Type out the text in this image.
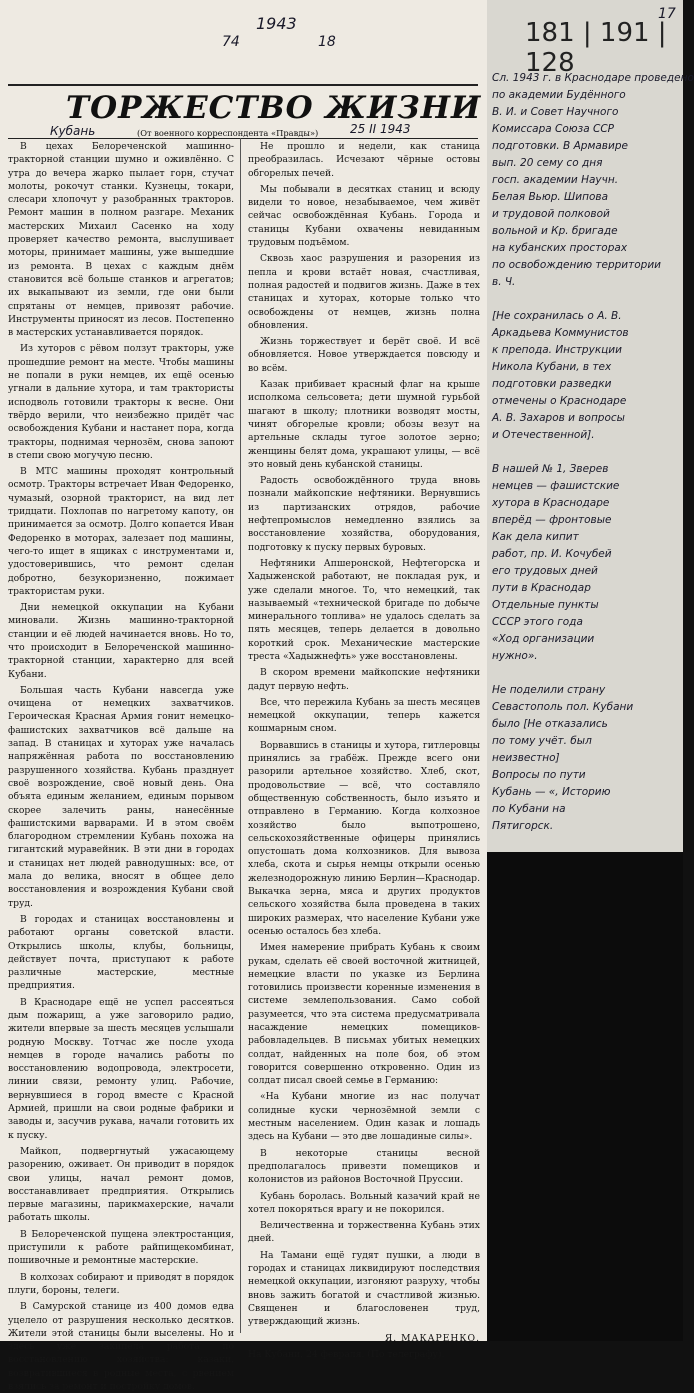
1943
74	18	181 | 191 | 128
17
ТОРЖЕСТВО ЖИЗНИ
Кубань	(От военного корреспондента «Правды»)	25 II 1943

В цехах Белореченской машинно-тракторной станции шумно и оживлённо. С утра до вечера жарко пылает горн, стучат молоты, рокочут станки. Кузнецы, токари, слесари хлопочут у разобранных тракторов. Ремонт машин в полном разгаре. Механик мастерских Михаил Сасенко на ходу проверяет качество ремонта, выслушивает моторы, принимает машины, уже вышедшие из ремонта. В цехах с каждым днём становится всё больше станков и агрегатов; их выкапывают из земли, где они были спрятаны от немцев, привозят рабочие. Инструменты приносят из лесов. Постепенно в мастерских устанавливается порядок.

Из хуторов с рёвом ползут тракторы, уже прошедшие ремонт на месте. Чтобы машины не попали в руки немцев, их ещё осенью угнали в дальние хутора, и там трактористы исподволь готовили тракторы к весне. Они твёрдо верили, что неизбежно придёт час освобождения Кубани и настанет пора, когда тракторы, поднимая чернозём, снова запоют в степи свою могучую песню.

В МТС машины проходят контрольный осмотр. Тракторы встречает Иван Федоренко, чумазый, озорной тракторист, на вид лет тридцати. Похлопав по нагретому капоту, он принимается за осмотр. Долго копается Иван Федоренко в моторах, залезает под машины, чего-то ищет в ящиках с инструментами и, удостоверившись, что ремонт сделан добротно, безукоризненно, пожимает трактористам руки.

Дни немецкой оккупации на Кубани миновали. Жизнь машинно-тракторной станции и её людей начинается вновь. Но то, что происходит в Белореченской машинно-тракторной станции, характерно для всей Кубани.

Большая часть Кубани навсегда уже очищена от немецких захватчиков. Героическая Красная Армия гонит немецко-фашистских захватчиков всё дальше на запад. В станицах и хуторах уже началась напряжённая работа по восстановлению разрушенного хозяйства. Кубань празднует своё возрождение, своё новый день. Она объята единым желанием, единым порывом скорее залечить раны, нанесённые фашистскими варварами. И в этом своём благородном стремлении Кубань похожа на гигантский муравейник. В эти дни в городах и станицах нет людей равнодушных: все, от мала до велика, вносят в общее дело восстановления и возрождения Кубани свой труд.

В городах и станицах восстановлены и работают органы советской власти. Открылись школы, клубы, больницы, действует почта, приступают к работе различные мастерские, местные предприятия.

В Краснодаре ещё не успел рассеяться дым пожарищ, а уже заговорило радио, жители впервые за шесть месяцев услышали родную Москву. Тотчас же после ухода немцев в городе начались работы по восстановлению водопровода, электросети, линии связи, ремонту улиц. Рабочие, вернувшиеся в город вместе с Красной Армией, пришли на свои родные фабрики и заводы и, засучив рукава, начали готовить их к пуску.

Майкоп, подвергнутый ужасающему разорению, оживает. Он приводит в порядок свои улицы, начал ремонт домов, восстанавливает предприятия. Открылись первые магазины, парикмахерские, начали работать школы.

В Белореченской пущена электростанция, приступили к работе райпищекомбинат, пошивочные и ремонтные мастерские.

В колхозах собирают и приводят в порядок плуги, бороны, телеги.

В Самурской станице из 400 домов едва уцелело от разрушения несколько десятков. Жители этой станицы были выселены. Но и здесь уже закипела работа по восстановлению хозяйства: казаки, возвратившиеся в родные места, с рвением взялись за ремонт и постройку домов.

Не прошло и недели, как станица преобразилась. Исчезают чёрные остовы обгорелых печей.

Мы побывали в десятках станиц и всюду видели то новое, незабываемое, чем живёт сейчас освобождённая Кубань. Города и станицы Кубани охвачены невиданным трудовым подъёмом.

Сквозь хаос разрушения и разорения из пепла и крови встаёт новая, счастливая, полная радостей и подвигов жизнь. Даже в тех станицах и хуторах, которые только что освобождены от немцев, жизнь полна обновления.

Жизнь торжествует и берёт своё. И всё обновляется. Новое утверждается повсюду и во всём.

Казак прибивает красный флаг на крыше исполкома сельсовета; дети шумной гурьбой шагают в школу; плотники возводят мосты, чинят обгорелые кровли; обозы везут на артельные склады тугое золотое зерно; женщины белят дома, украшают улицы, — всё это новый день кубанской станицы.

Радость освобождённого труда вновь познали майкопские нефтяники. Вернувшись из партизанских отрядов, рабочие нефтепромыслов немедленно взялись за восстановление хозяйства, оборудования, подготовку к пуску первых буровых.

Нефтяники Апшеронской, Нефтегорска и Хадыженской работают, не покладая рук, и уже сделали многое. То, что немецкий, так называемый «технической бригаде по добыче минерального топлива» не удалось сделать за пять месяцев, теперь делается в довольно короткий срок. Механические мастерские треста «Хадыжнефть» уже восстановлены.

В скором времени майкопские нефтяники дадут первую нефть.

Все, что пережила Кубань за шесть месяцев немецкой оккупации, теперь кажется кошмарным сном.

Ворвавшись в станицы и хутора, гитлеровцы принялись за грабёж. Прежде всего они разорили артельное хозяйство. Хлеб, скот, продовольствие — всё, что составляло общественную собственность, было изъято и отправлено в Германию. Когда колхозное хозяйство было выпотрошено, сельскохозяйственные офицеры принялись опустошать дома колхозников. Для вывоза хлеба, скота и сырья немцы открыли осенью железнодорожную линию Берлин—Краснодар. Выкачка зерна, мяса и других продуктов сельского хозяйства была проведена в таких широких размерах, что население Кубани уже осенью осталось без хлеба.

Имея намерение прибрать Кубань к своим рукам, сделать её своей восточной житницей, немецкие власти по указке из Берлина готовились произвести коренные изменения в системе землепользования. Само собой разумеется, что эта система предусматривала насаждение немецких помещиков-рабовладельцев. В письмах убитых немецких солдат, найденных на поле боя, об этом говорится совершенно откровенно. Один из солдат писал своей семье в Германию:

«На Кубани многие из нас получат солидные куски чернозёмной земли с местным населением. Один казак и лошадь здесь на Кубани — это две лошадиные силы».

В некоторые станицы весной предполагалось привезти помещиков и колонистов из районов Восточной Пруссии.

Кубань боролась. Вольный казачий край не хотел покоряться врагу и не покорился.

Величественна и торжественна Кубань этих дней.

На Тамани ещё гудят пушки, а люди в городах и станицах ликвидируют последствия немецкой оккупации, изгоняют разруху, чтобы вновь зажить богатой и счастливой жизнью. Священен и благословенен труд, утверждающий жизнь.

Я. МАКАРЕНКО.

На Кубани, 24 февраля. (По телеграфу).

Сл. 1943 г. в Краснодаре проведено
по академии Будённого
В. И. и Совет Научного
Комиссара Союза ССР
подготовки. В Армавире
вып. 20 сему со дня
госп. академии Научн.
Белая Вьюр. Шипова
и трудовой полковой
вольной и Кр. бригаде
на кубанских просторах
по освобождению территории
в. Ч.

[Не сохранилась о А. В.
Аркадьева Коммунистов
к препода. Инструкции
Никола Кубани, в тех
подготовки разведки
отмечены о Краснодаре
А. В. Захаров и вопросы
и Отечественной].

В нашей № 1, Зверев
немцев — фашистские
хутора в Краснодаре
вперёд — фронтовые
Как дела кипит
работ, пр. И. Кочубей
его трудовых дней
пути в Краснодар
Отдельные пункты
СССР этого года
«Ход организации
нужно».

Не поделили страну
Севастополь пол. Кубани
было [Не отказались
по тому учёт. был
неизвестно]
Вопросы по пути
Кубань — «, Историю
по Кубани на
Пятигорск.
